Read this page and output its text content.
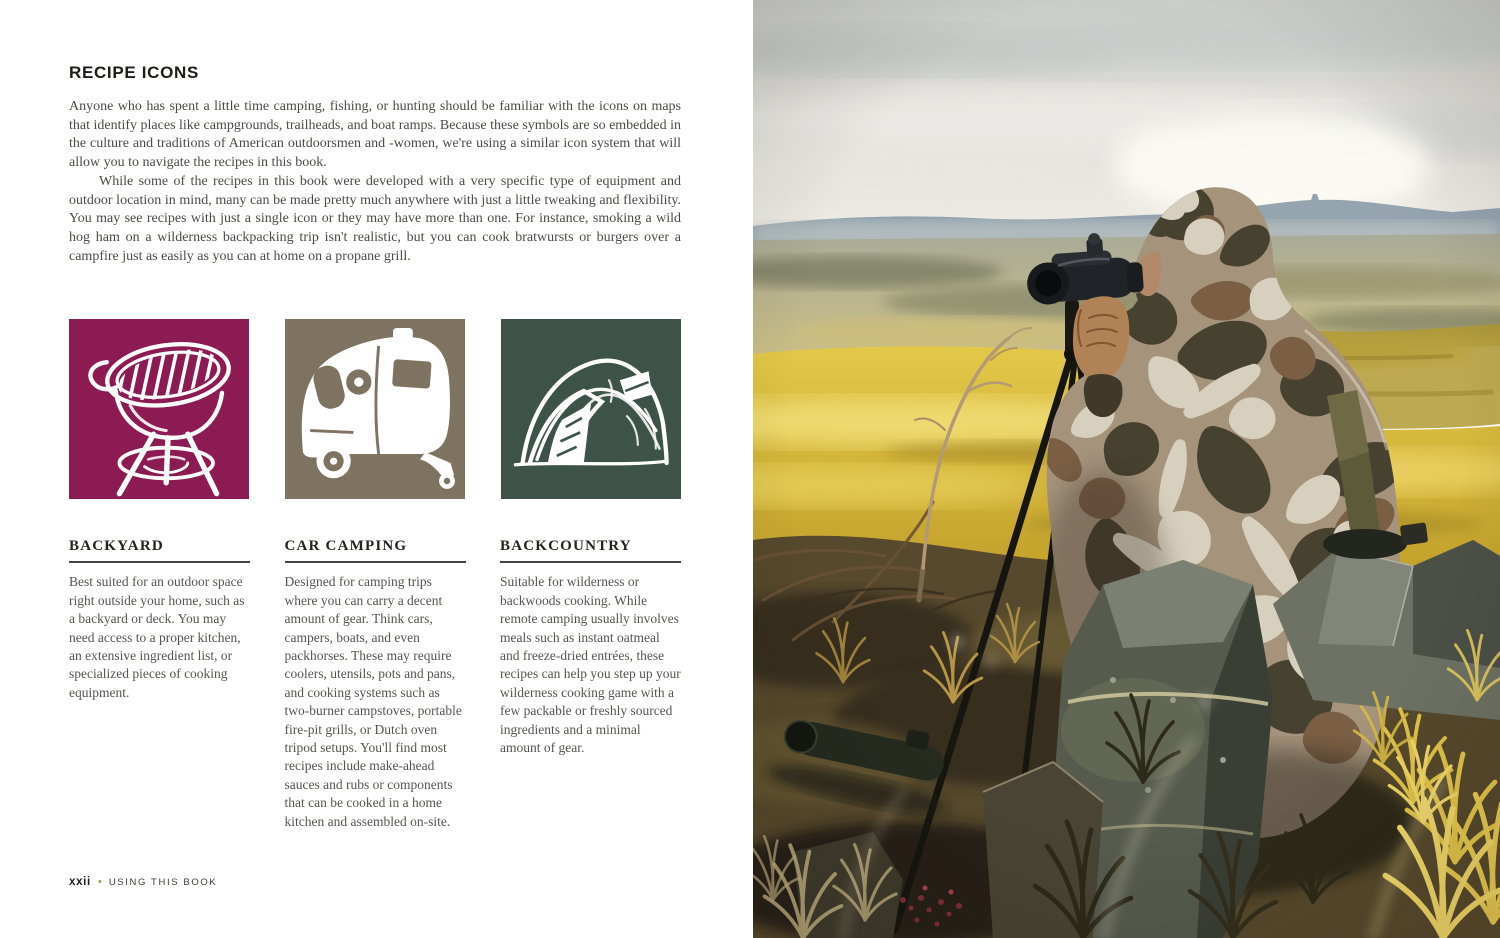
RECIPE ICONS

Anyone who has spent a little time camping, fishing, or hunting should be familiar with the icons on maps that identify places like campgrounds, trailheads, and boat ramps. Because these symbols are so embedded in the culture and traditions of American outdoorsmen and -women, we're using a similar icon system that will allow you to navigate the recipes in this book.

While some of the recipes in this book were developed with a very specific type of equipment and outdoor location in mind, many can be made pretty much anywhere with just a little tweaking and flexibility. You may see recipes with just a single icon or they may have more than one. For instance, smoking a wild hog ham on a wilderness backpacking trip isn't realistic, but you can cook bratwursts or burgers over a campfire just as easily as you can at home on a propane grill.

BACKYARD

Best suited for an outdoor space right outside your home, such as a backyard or deck. You may need access to a proper kitchen, an extensive ingredient list, or specialized pieces of cooking equipment.

CAR CAMPING

Designed for camping trips where you can carry a decent amount of gear. Think cars, campers, boats, and even packhorses. These may require coolers, utensils, pots and pans, and cooking systems such as two-burner campstoves, portable fire-pit grills, or Dutch oven tripod setups. You'll find most recipes include make-ahead sauces and rubs or components that can be cooked in a home kitchen and assembled on-site.

BACKCOUNTRY

Suitable for wilderness or backwoods cooking. While remote camping usually involves meals such as instant oatmeal and freeze-dried entrées, these recipes can help you step up your wilderness cooking game with a few packable or freshly sourced ingredients and a minimal amount of gear.

xxii • USING THIS BOOK
